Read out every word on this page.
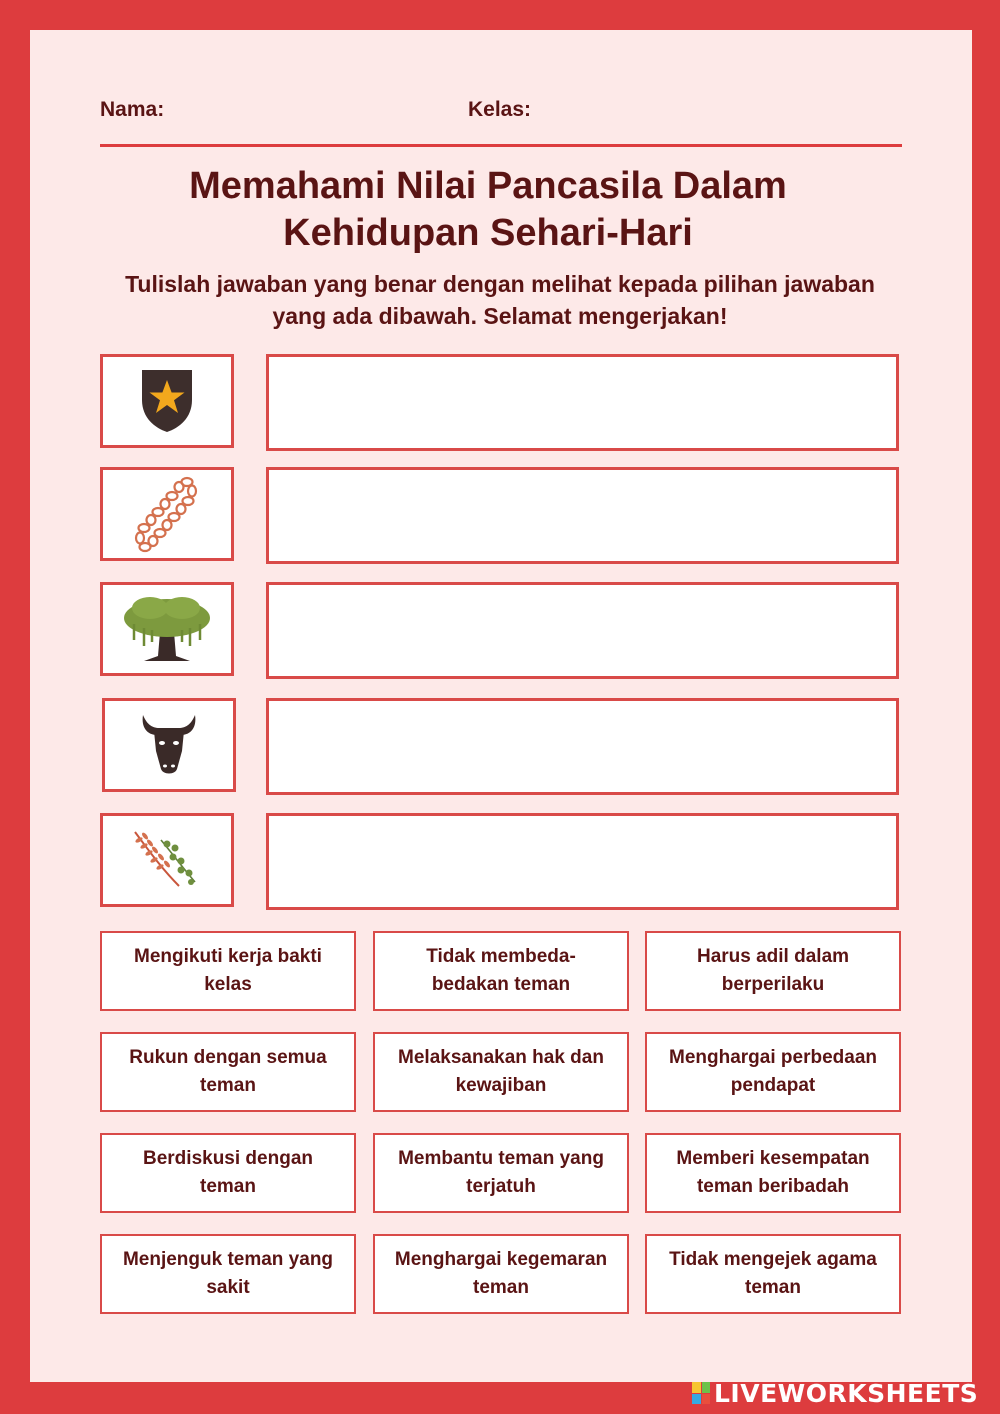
Nama:	Kelas:
Memahami Nilai Pancasila Dalam Kehidupan Sehari-Hari
Tulislah jawaban yang benar dengan melihat kepada pilihan jawaban yang ada dibawah. Selamat mengerjakan!
Mengikuti kerja bakti kelas
Tidak membeda-bedakan teman
Harus adil dalam berperilaku
Rukun dengan semua teman
Melaksanakan hak dan kewajiban
Menghargai perbedaan pendapat
Berdiskusi dengan teman
Membantu teman yang terjatuh
Memberi kesempatan teman beribadah
Menjenguk teman yang sakit
Menghargai kegemaran teman
Tidak mengejek agama teman
LIVEWORKSHEETS
